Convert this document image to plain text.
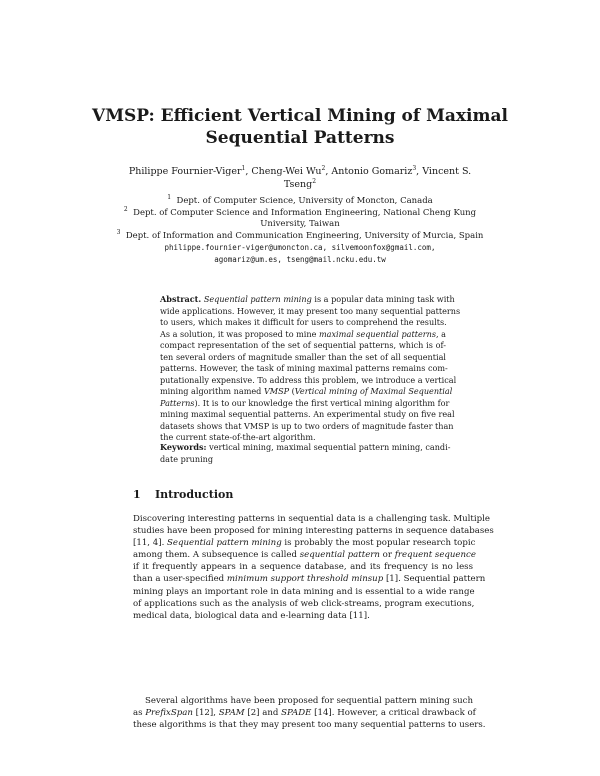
VMSP: Efficient Vertical Mining of Maximal
Sequential Patterns
Philippe Fournier-Viger$^1$, Cheng-Wei Wu$^2$, Antonio Gomariz$^3$, Vincent S.
Tseng$^2$
$^1$ Dept. of Computer Science, University of Moncton, Canada
$^2$ Dept. of Computer Science and Information Engineering, National Cheng Kung
University, Taiwan
$^3$ Dept. of Information and Communication Engineering, University of Murcia, Spain
philippe.fournier-viger@umoncton.ca, silvemoonfox@gmail.com,
agomariz@um.es, tseng@mail.ncku.edu.tw
Abstract. Sequential pattern mining is a popular data mining task with
wide applications. However, it may present too many sequential patterns
to users, which makes it difficult for users to comprehend the results.
As a solution, it was proposed to mine maximal sequential patterns, a
compact representation of the set of sequential patterns, which is of-
ten several orders of magnitude smaller than the set of all sequential
patterns. However, the task of mining maximal patterns remains com-
putationally expensive. To address this problem, we introduce a vertical
mining algorithm named VMSP (Vertical mining of Maximal Sequential
Patterns). It is to our knowledge the first vertical mining algorithm for
mining maximal sequential patterns. An experimental study on five real
datasets shows that VMSP is up to two orders of magnitude faster than
the current state-of-the-art algorithm.
Keywords: vertical mining, maximal sequential pattern mining, candi-
date pruning
1 Introduction
Discovering interesting patterns in sequential data is a challenging task. Multiple
studies have been proposed for mining interesting patterns in sequence databases
[11, 4]. Sequential pattern mining is probably the most popular research topic
among them. A subsequence is called sequential pattern or frequent sequence
if it frequently appears in a sequence database, and its frequency is no less
than a user-specified minimum support threshold minsup [1]. Sequential pattern
mining plays an important role in data mining and is essential to a wide range
of applications such as the analysis of web click-streams, program executions,
medical data, biological data and e-learning data [11].
Several algorithms have been proposed for sequential pattern mining such
as PrefixSpan [12], SPAM [2] and SPADE [14]. However, a critical drawback of
these algorithms is that they may present too many sequential patterns to users.
